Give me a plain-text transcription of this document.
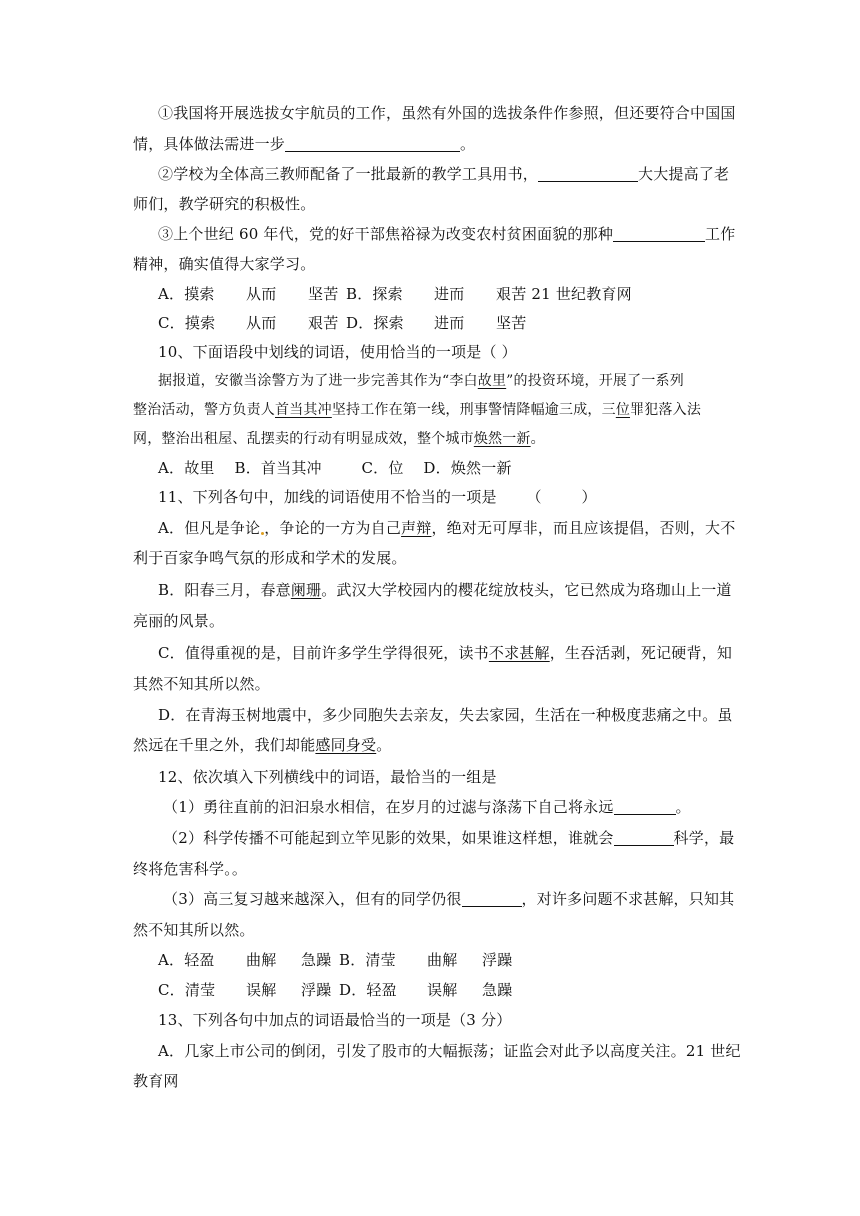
①我国将开展选拔女宇航员的工作，虽然有外国的选拔条件作参照，但还要符合中国国
情，具体做法需进一步	。
②学校为全体高三教师配备了一批最新的教学工具用书，	大大提高了老
师们，教学研究的积极性。
③上个世纪 60 年代，党的好干部焦裕禄为改变农村贫困面貌的那种	工作
精神，确实值得大家学习。
A．摸索 从而 坚苦 B．探索 进而 艰苦 21 世纪教育网
C．摸索 从而 艰苦 D．探索 进而 坚苦
10、下面语段中划线的词语，使用恰当的一项是（ ）
据报道，安徽当涂警方为了进一步完善其作为“李白故里”的投资环境，开展了一系列
整治活动，警方负责人首当其冲坚持工作在第一线，刑事警情降幅逾三成，三位罪犯落入法
网，整治出租屋、乱摆卖的行动有明显成效，整个城市焕然一新。
A．故里    B．首当其冲        C．位    D．焕然一新
11、下列各句中，加线的词语使用不恰当的一项是      （        ）
A．但凡是争论 ，争论的一方为自己声辩，绝对无可厚非，而且应该提倡，否则，大不
利于百家争鸣气氛的形成和学术的发展。
B．阳春三月，春意阑珊。武汉大学校园内的樱花绽放枝头，它已然成为珞珈山上一道
亮丽的风景。
C．值得重视的是，目前许多学生学得很死，读书不求甚解，生吞活剥，死记硬背，知
其然不知其所以然。
D．在青海玉树地震中，多少同胞失去亲友，失去家园，生活在一种极度悲痛之中。虽
然远在千里之外，我们却能感同身受。
12、依次填入下列横线中的词语，最恰当的一组是
（1）勇往直前的汩汩泉水相信，在岁月的过滤与涤荡下自己将永远	。
（2）科学传播不可能起到立竿见影的效果，如果谁这样想，谁就会	科学，最
终将危害科学。。
（3）高三复习越来越深入，但有的同学仍很	，对许多问题不求甚解，只知其
然不知其所以然。
A．轻盈 曲解 急躁 B．清莹 曲解 浮躁
C．清莹 误解 浮躁 D．轻盈 误解 急躁
13、下列各句中加点的词语最恰当的一项是（3 分）
A．几家上市公司的倒闭，引发了股市的大幅振荡；证监会对此予以高度关注。21 世纪
教育网
